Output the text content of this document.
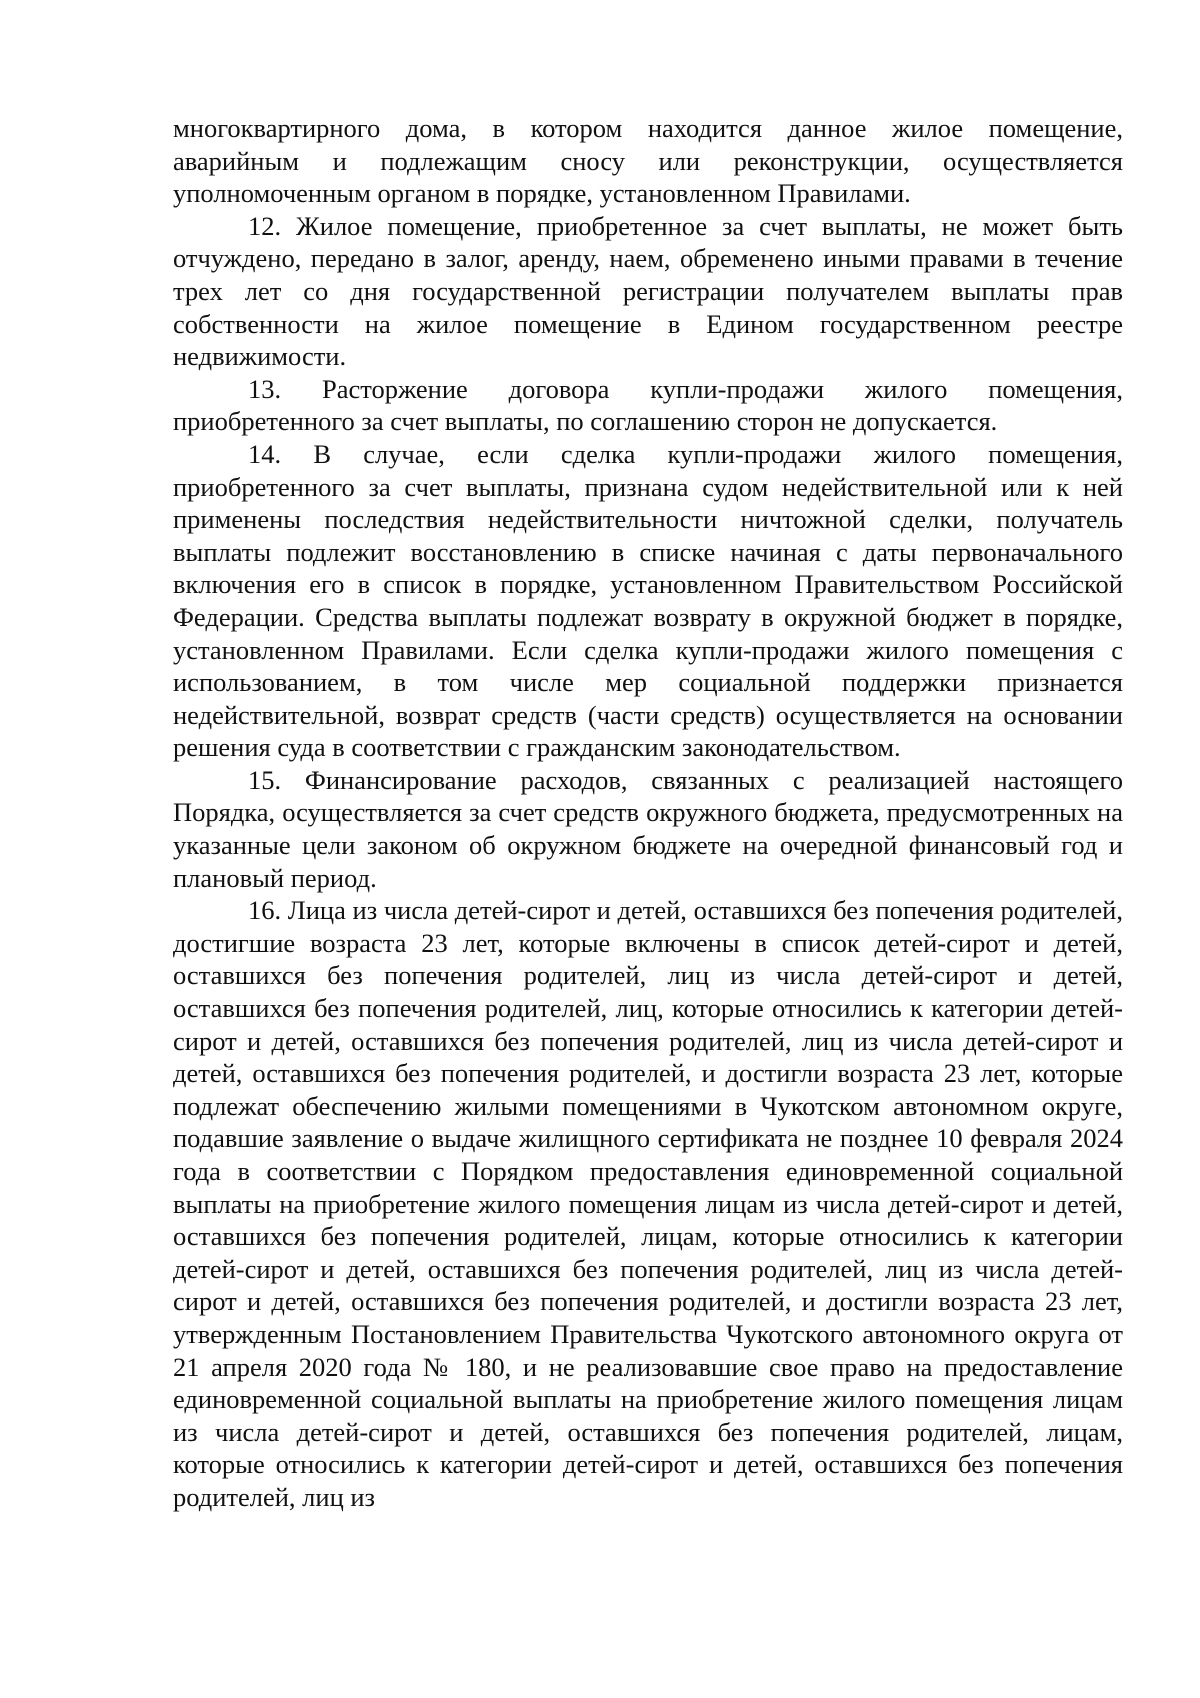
многоквартирного дома, в котором находится данное жилое помещение, аварийным и подлежащим сносу или реконструкции, осуществляется уполномоченным органом в порядке, установленном Правилами.

12. Жилое помещение, приобретенное за счет выплаты, не может быть отчуждено, передано в залог, аренду, наем, обременено иными правами в течение трех лет со дня государственной регистрации получателем выплаты прав собственности на жилое помещение в Едином государственном реестре недвижимости.

13. Расторжение договора купли-продажи жилого помещения, приобретенного за счет выплаты, по соглашению сторон не допускается.

14. В случае, если сделка купли-продажи жилого помещения, приобретенного за счет выплаты, признана судом недействительной или к ней применены последствия недействительности ничтожной сделки, получатель выплаты подлежит восстановлению в списке начиная с даты первоначального включения его в список в порядке, установленном Правительством Российской Федерации. Средства выплаты подлежат возврату в окружной бюджет в порядке, установленном Правилами. Если сделка купли-продажи жилого помещения с использованием, в том числе мер социальной поддержки признается недействительной, возврат средств (части средств) осуществляется на основании решения суда в соответствии с гражданским законодательством.

15. Финансирование расходов, связанных с реализацией настоящего Порядка, осуществляется за счет средств окружного бюджета, предусмотренных на указанные цели законом об окружном бюджете на очередной финансовый год и плановый период.

16. Лица из числа детей-сирот и детей, оставшихся без попечения родителей, достигшие возраста 23 лет, которые включены в список детей-сирот и детей, оставшихся без попечения родителей, лиц из числа детей-сирот и детей, оставшихся без попечения родителей, лиц, которые относились к категории детей-сирот и детей, оставшихся без попечения родителей, лиц из числа детей-сирот и детей, оставшихся без попечения родителей, и достигли возраста 23 лет, которые подлежат обеспечению жилыми помещениями в Чукотском автономном округе, подавшие заявление о выдаче жилищного сертификата не позднее 10 февраля 2024 года в соответствии с Порядком предоставления единовременной социальной выплаты на приобретение жилого помещения лицам из числа детей-сирот и детей, оставшихся без попечения родителей, лицам, которые относились к категории детей-сирот и детей, оставшихся без попечения родителей, лиц из числа детей-сирот и детей, оставшихся без попечения родителей, и достигли возраста 23 лет, утвержденным Постановлением Правительства Чукотского автономного округа от 21 апреля 2020 года № 180, и не реализовавшие свое право на предоставление единовременной социальной выплаты на приобретение жилого помещения лицам из числа детей-сирот и детей, оставшихся без попечения родителей, лицам, которые относились к категории детей-сирот и детей, оставшихся без попечения родителей, лиц из
